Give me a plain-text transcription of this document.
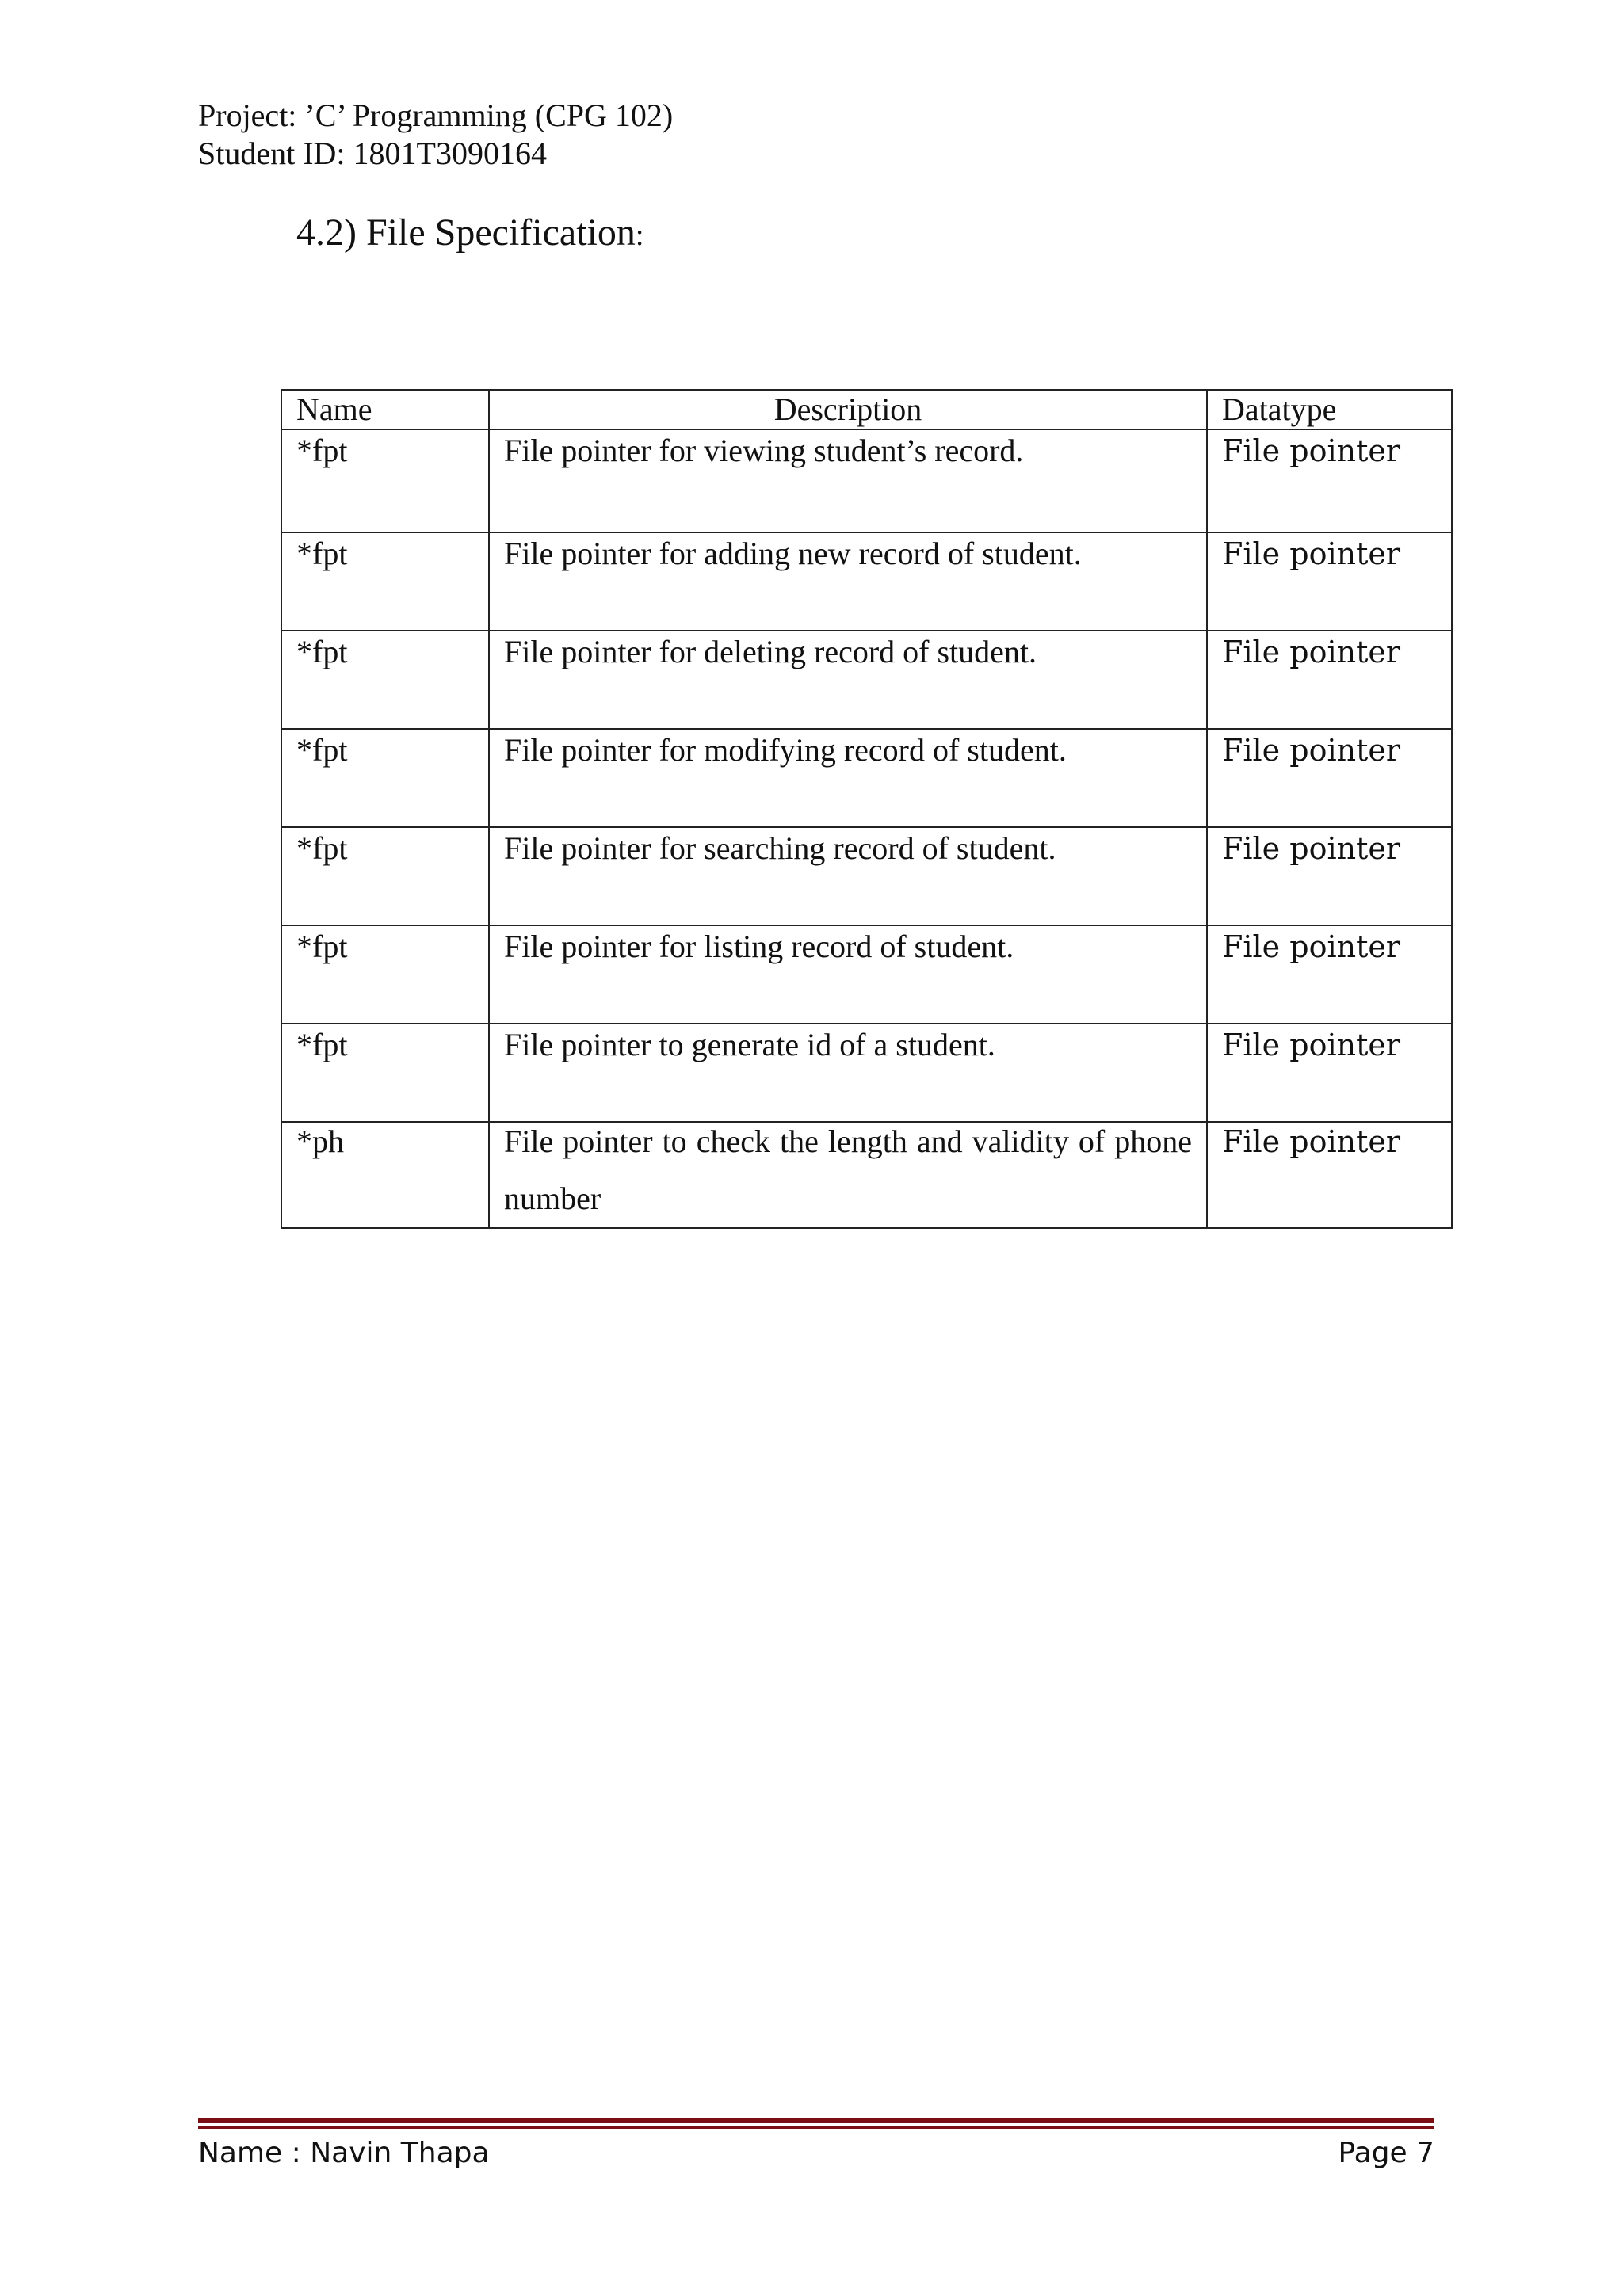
Project: ’C’ Programming (CPG 102)
Student ID: 1801T3090164
4.2) File Specification:
Name	Description	Datatype
*fpt	File pointer for viewing student’s record.	File pointer
*fpt	File pointer for adding new record of student.	File pointer
*fpt	File pointer for deleting record of student.	File pointer
*fpt	File pointer for modifying record of student.	File pointer
*fpt	File pointer for searching record of student.	File pointer
*fpt	File pointer for listing record of student.	File pointer
*fpt	File pointer to generate id of a student.	File pointer

*ph	File pointer to check the length and validity of phone number	File pointer
Name : Navin Thapa	Page 7
